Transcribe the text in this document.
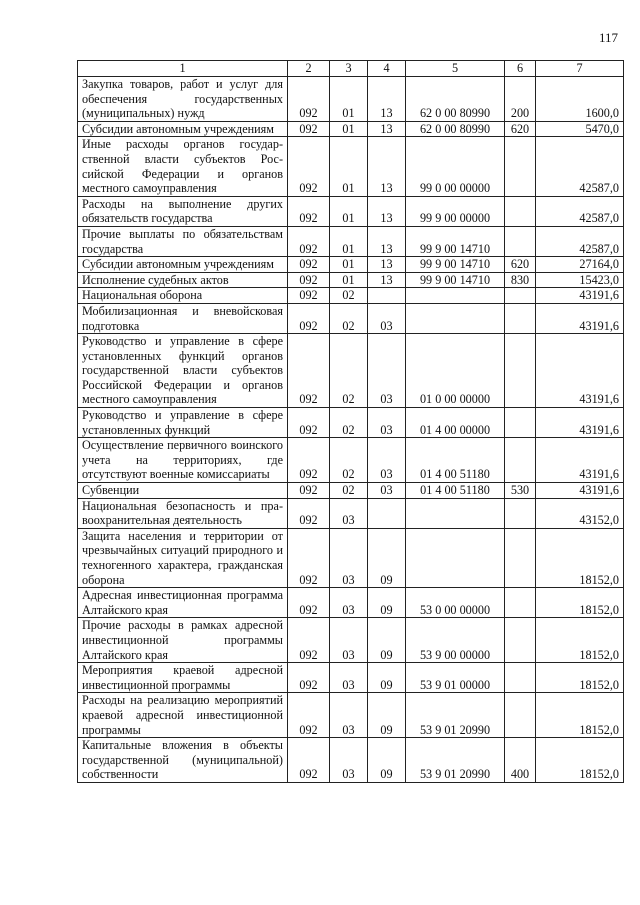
117
1	2	3	4	5	6	7
Закупка товаров, работ и услуг для обеспечения государственных (муниципальных) нужд	092	01	13	62 0 00 80990	200	1600,0
Субсидии автономным учреждениям	092	01	13	62 0 00 80990	620	5470,0
Иные расходы органов государственной власти субъектов Российской Федерации и органов местного самоуправления	092	01	13	99 0 00 00000		42587,0
Расходы на выполнение других обязательств государства	092	01	13	99 9 00 00000		42587,0
Прочие выплаты по обязательствам государства	092	01	13	99 9 00 14710		42587,0
Субсидии автономным учреждениям	092	01	13	99 9 00 14710	620	27164,0
Исполнение судебных актов	092	01	13	99 9 00 14710	830	15423,0
Национальная оборона	092	02				43191,6
Мобилизационная и вневойсковая подготовка	092	02	03			43191,6
Руководство и управление в сфере установленных функций органов государственной власти субъектов Российской Федерации и органов местного самоуправления	092	02	03	01 0 00 00000		43191,6
Руководство и управление в сфере установленных функций	092	02	03	01 4 00 00000		43191,6
Осуществление первичного воинского учета на территориях, где отсутствуют военные комиссариаты	092	02	03	01 4 00 51180		43191,6
Субвенции	092	02	03	01 4 00 51180	530	43191,6
Национальная безопасность и правоохранительная деятельность	092	03				43152,0
Защита населения и территории от чрезвычайных ситуаций природного и техногенного характера, гражданская оборона	092	03	09			18152,0
Адресная инвестиционная программа Алтайского края	092	03	09	53 0 00 00000		18152,0
Прочие расходы в рамках адресной инвестиционной программы Алтайского края	092	03	09	53 9 00 00000		18152,0
Мероприятия краевой адресной инвестиционной программы	092	03	09	53 9 01 00000		18152,0
Расходы на реализацию мероприятий краевой адресной инвестиционной программы	092	03	09	53 9 01 20990		18152,0
Капитальные вложения в объекты государственной (муниципальной) собственности	092	03	09	53 9 01 20990	400	18152,0
